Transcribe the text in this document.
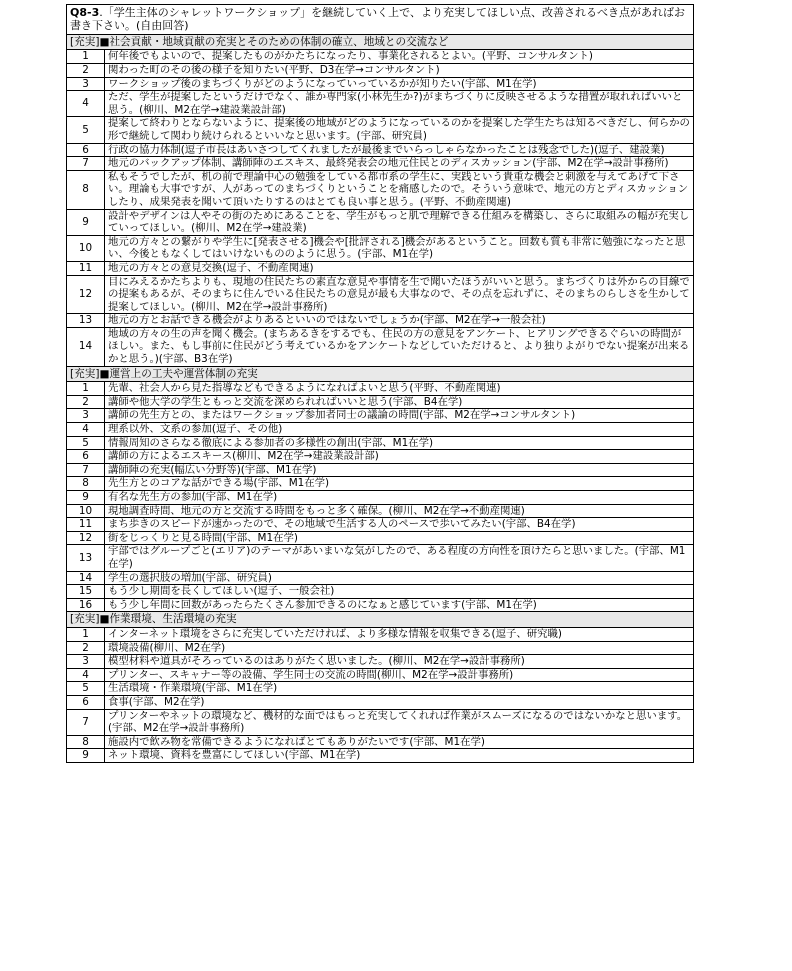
Q8-3.「学生主体のシャレットワークショップ」を継続していく上で、より充実してほしい点、改善されるべき点があればお書き下さい。(自由回答)	
[充実]■社会貢献・地域貢献の充実とそのための体制の確立、地域との交流など	
1	何年後でもよいので、提案したものがかたちになったり、事業化されるとよい。(平野、コンサルタント)
2	関わった町のその後の様子を知りたい(平野、D3在学→コンサルタント)
3	ワークショップ後のまちづくりがどのようになっていっているかが知りたい(宇部、M1在学)
4	ただ、学生が提案したというだけでなく、誰か専門家(小林先生か?)がまちづくりに反映させるような措置が取れればいいと思う。(柳川、M2在学→建設業設計部)
5	提案して終わりとならないように、提案後の地域がどのようになっているのかを提案した学生たちは知るべきだし、何らかの形で継続して関わり続けられるといいなと思います。(宇部、研究員)
6	行政の協力体制(逗子市長はあいさつしてくれましたが最後までいらっしゃらなかったことは残念でした)(逗子、建設業)
7	地元のバックアップ体制、講師陣のエスキス、最終発表会の地元住民とのディスカッション(宇部、M2在学→設計事務所)
8	私もそうでしたが、机の前で理論中心の勉強をしている都市系の学生に、実践という貴重な機会と刺激を与えてあげて下さい。理論も大事ですが、人があってのまちづくりということを痛感したので。そういう意味で、地元の方とディスカッションしたり、成果発表を聞いて頂いたりするのはとても良い事と思う。(平野、不動産関連)
9	設計やデザインは人やその街のためにあることを、学生がもっと肌で理解できる仕組みを構築し、さらに取組みの幅が充実していってほしい。(柳川、M2在学→建設業)
10	地元の方々との繋がりや学生に[発表させる]機会や[批評される]機会があるということ。回数も質も非常に勉強になったと思い、今後ともなくしてはいけないもののように思う。(宇部、M1在学)
11	地元の方々との意見交換(逗子、不動産関連)
12	目にみえるかたちよりも、現地の住民たちの素直な意見や事情を生で聞いたほうがいいと思う。まちづくりは外からの目線での提案もあるが、そのまちに住んでいる住民たちの意見が最も大事なので、その点を忘れずに、そのまちのらしさを生かして提案してほしい。(柳川、M2在学→設計事務所)
13	地元の方とお話できる機会がよりあるといいのではないでしょうか(宇部、M2在学→一般会社)
14	地域の方々の生の声を聞く機会。(まちあるきをするでも、住民の方の意見をアンケート、ヒアリングできるぐらいの時間がほしい。また、もし事前に住民がどう考えているかをアンケートなどしていただけると、より独りよがりでない提案が出来るかと思う。)(宇部、B3在学)
[充実]■運営上の工夫や運営体制の充実	
1	先輩、社会人から見た指導などもできるようになればよいと思う(平野、不動産関連)
2	講師や他大学の学生ともっと交流を深められればいいと思う(宇部、B4在学)
3	講師の先生方との、またはワークショップ参加者同士の議論の時間(宇部、M2在学→コンサルタント)
4	理系以外、文系の参加(逗子、その他)
5	情報周知のさらなる徹底による参加者の多様性の創出(宇部、M1在学)
6	講師の方によるエスキース(柳川、M2在学→建設業設計部)
7	講師陣の充実(幅広い分野等)(宇部、M1在学)
8	先生方とのコアな話ができる場(宇部、M1在学)
9	有名な先生方の参加(宇部、M1在学)
10	現地調査時間、地元の方と交流する時間をもっと多く確保。(柳川、M2在学→不動産関連)
11	まち歩きのスピードが速かったので、その地域で生活する人のペースで歩いてみたい(宇部、B4在学)
12	街をじっくりと見る時間(宇部、M1在学)
13	宇部ではグループごと(エリア)のテーマがあいまいな気がしたので、ある程度の方向性を頂けたらと思いました。(宇部、M1在学)
14	学生の選択肢の増加(宇部、研究員)
15	もう少し期間を長くしてほしい(逗子、一般会社)
16	もう少し年間に回数があったらたくさん参加できるのになぁと感じています(宇部、M1在学)
[充実]■作業環境、生活環境の充実	
1	インターネット環境をさらに充実していただければ、より多様な情報を収集できる(逗子、研究職)
2	環境設備(柳川、M2在学)
3	模型材料や道具がそろっているのはありがたく思いました。(柳川、M2在学→設計事務所)
4	プリンター、スキャナー等の設備、学生同士の交流の時間(柳川、M2在学→設計事務所)
5	生活環境・作業環境(宇部、M1在学)
6	食事(宇部、M2在学)
7	プリンターやネットの環境など、機材的な面ではもっと充実してくれれば作業がスムーズになるのではないかなと思います。(宇部、M2在学→設計事務所)
8	施設内で飲み物を常備できるようになればとてもありがたいです(宇部、M1在学)
9	ネット環境、資料を豊富にしてほしい(宇部、M1在学)
